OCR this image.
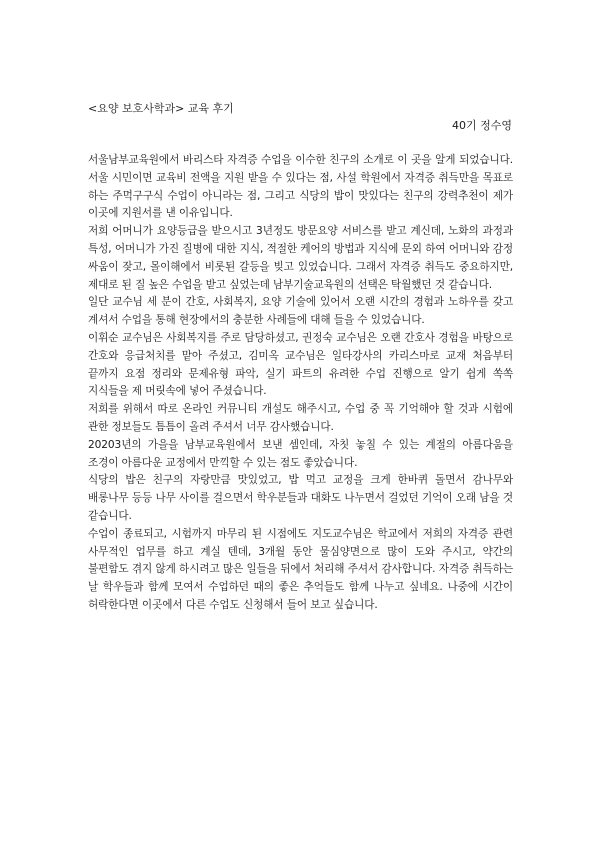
<요양 보호사학과> 교육 후기
40기 정수영

서울남부교육원에서 바리스타 자격증 수업을 이수한 친구의 소개로 이 곳을 알게 되었습니다. 서울 시민이면 교육비 전액을 지원 받을 수 있다는 점, 사설 학원에서 자격증 취득만을 목표로 하는 주먹구구식 수업이 아니라는 점, 그리고 식당의 밥이 맛있다는 친구의 강력추천이 제가 이곳에 지원서를 낸 이유입니다.

저희 어머니가 요양등급을 받으시고 3년정도 방문요양 서비스를 받고 계신데, 노화의 과정과 특성, 어머니가 가진 질병에 대한 지식, 적절한 케어의 방법과 지식에 문외 하여 어머니와 감정 싸움이 잦고, 몰이해에서 비롯된 갈등을 빚고 있었습니다. 그래서 자격증 취득도 중요하지만, 제대로 된 질 높은 수업을 받고 싶었는데 남부기술교육원의 선택은 탁월했던 것 같습니다.

일단 교수님 세 분이 간호, 사회복지, 요양 기술에 있어서 오랜 시간의 경험과 노하우를 갖고 계셔서 수업을 통해 현장에서의 충분한 사례들에 대해 들을 수 있었습니다.

이휘순 교수님은 사회복지를 주로 담당하셨고, 권정숙 교수님은 오랜 간호사 경험을 바탕으로 간호와 응급처치를 맡아 주셨고, 김미옥 교수님은 일타강사의 카리스마로 교재 처음부터 끝까지 요점 정리와 문제유형 파악, 실기 파트의 유려한 수업 진행으로 알기 쉽게 쏙쏙 지식들을 제 머릿속에 넣어 주셨습니다.

저희를 위해서 따로 온라인 커뮤니티 개설도 해주시고, 수업 중 꼭 기억해야 할 것과 시험에 관한 정보들도 틈틈이 올려 주셔서 너무 감사했습니다.

20203년의 가을을 남부교육원에서 보낸 셈인데, 자칫 놓칠 수 있는 계절의 아름다움을 조경이 아름다운 교정에서 만끽할 수 있는 점도 좋았습니다.

식당의 밥은 친구의 자랑만큼 맛있었고, 밥 먹고 교정을 크게 한바퀴 돌면서 감나무와 배롱나무 등등 나무 사이를 걸으면서 학우분들과 대화도 나누면서 걸었던 기억이 오래 남을 것 같습니다.

수업이 종료되고, 시험까지 마무리 된 시점에도 지도교수님은 학교에서 저희의 자격증 관련 사무적인 업무를 하고 계실 텐데, 3개월 동안 물심양면으로 많이 도와 주시고, 약간의 불편함도 겪지 않게 하시려고 많은 일들을 뒤에서 처리해 주셔서 감사합니다. 자격증 취득하는 날 학우들과 함께 모여서 수업하던 때의 좋은 추억들도 함께 나누고 싶네요. 나중에 시간이 허락한다면 이곳에서 다른 수업도 신청해서 들어 보고 싶습니다.
